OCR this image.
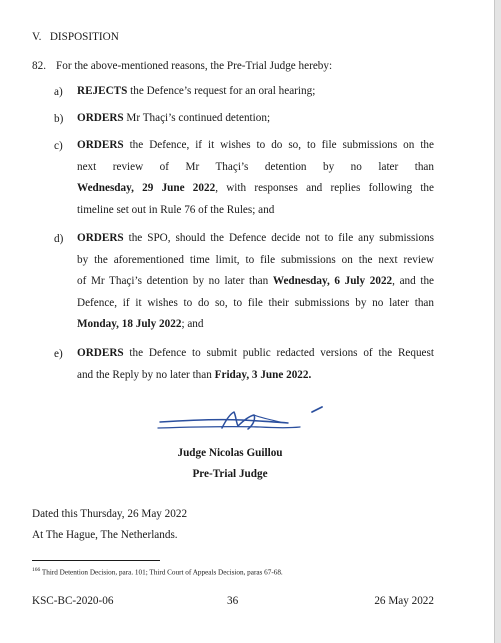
V.   DISPOSITION
82. For the above-mentioned reasons, the Pre-Trial Judge hereby:
a) REJECTS the Defence’s request for an oral hearing;

b) ORDERS Mr Thaçi’s continued detention;

c) ORDERS the Defence, if it wishes to do so, to file submissions on the

next review of Mr Thaçi’s detention by no later than

Wednesday, 29 June 2022, with responses and replies following the

timeline set out in Rule 76 of the Rules; and

d) ORDERS the SPO, should the Defence decide not to file any submissions

by the aforementioned time limit, to file submissions on the next review

of Mr Thaçi’s detention by no later than Wednesday, 6 July 2022, and the

Defence, if it wishes to do so, to file their submissions by no later than

Monday, 18 July 2022; and

e) ORDERS the Defence to submit public redacted versions of the Request

and the Reply by no later than Friday, 3 June 2022.

Judge Nicolas Guillou
Pre-Trial Judge
Dated this Thursday, 26 May 2022
At The Hague, The Netherlands.
$^{166}$ Third Detention Decision, para. 101; Third Court of Appeals Decision, paras 67-68.
KSC-BC-2020-06	36	26 May 2022
